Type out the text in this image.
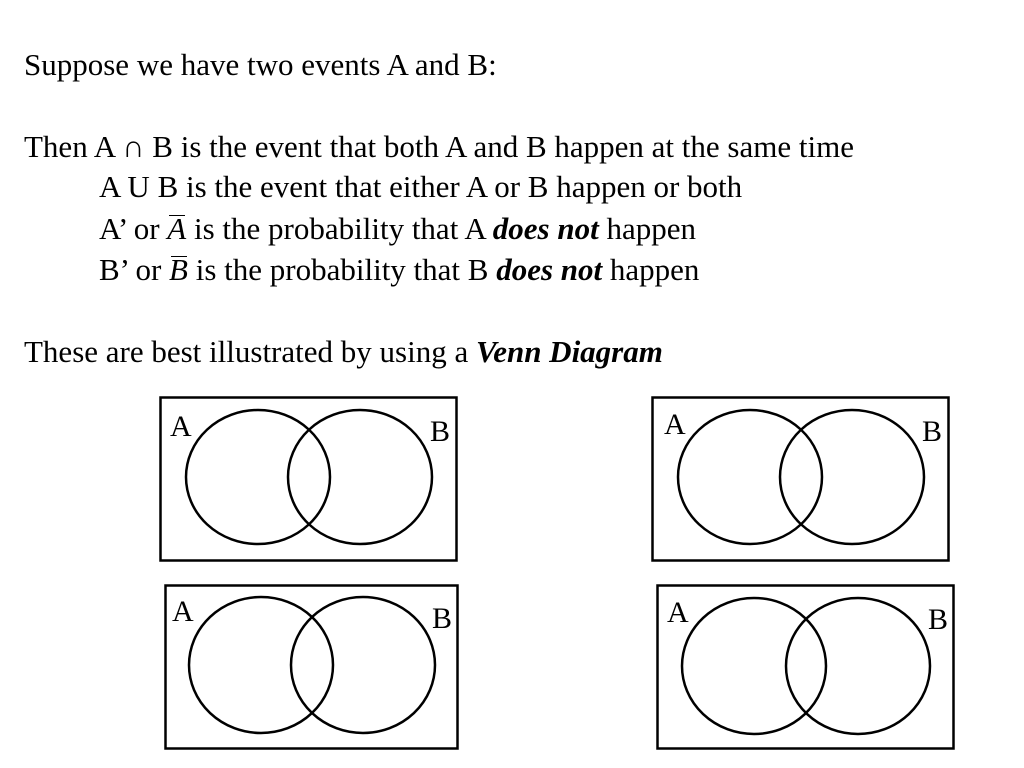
Suppose we have two events A and B:
Then A ∩ B is the event that both A and B happen at the same time
A U B is the event that either A or B happen or both
A’ or A is the probability that A does not happen
B’ or B is the probability that B does not happen
These are best illustrated by using a Venn Diagram
A	B	A	B
A	B	A	B
